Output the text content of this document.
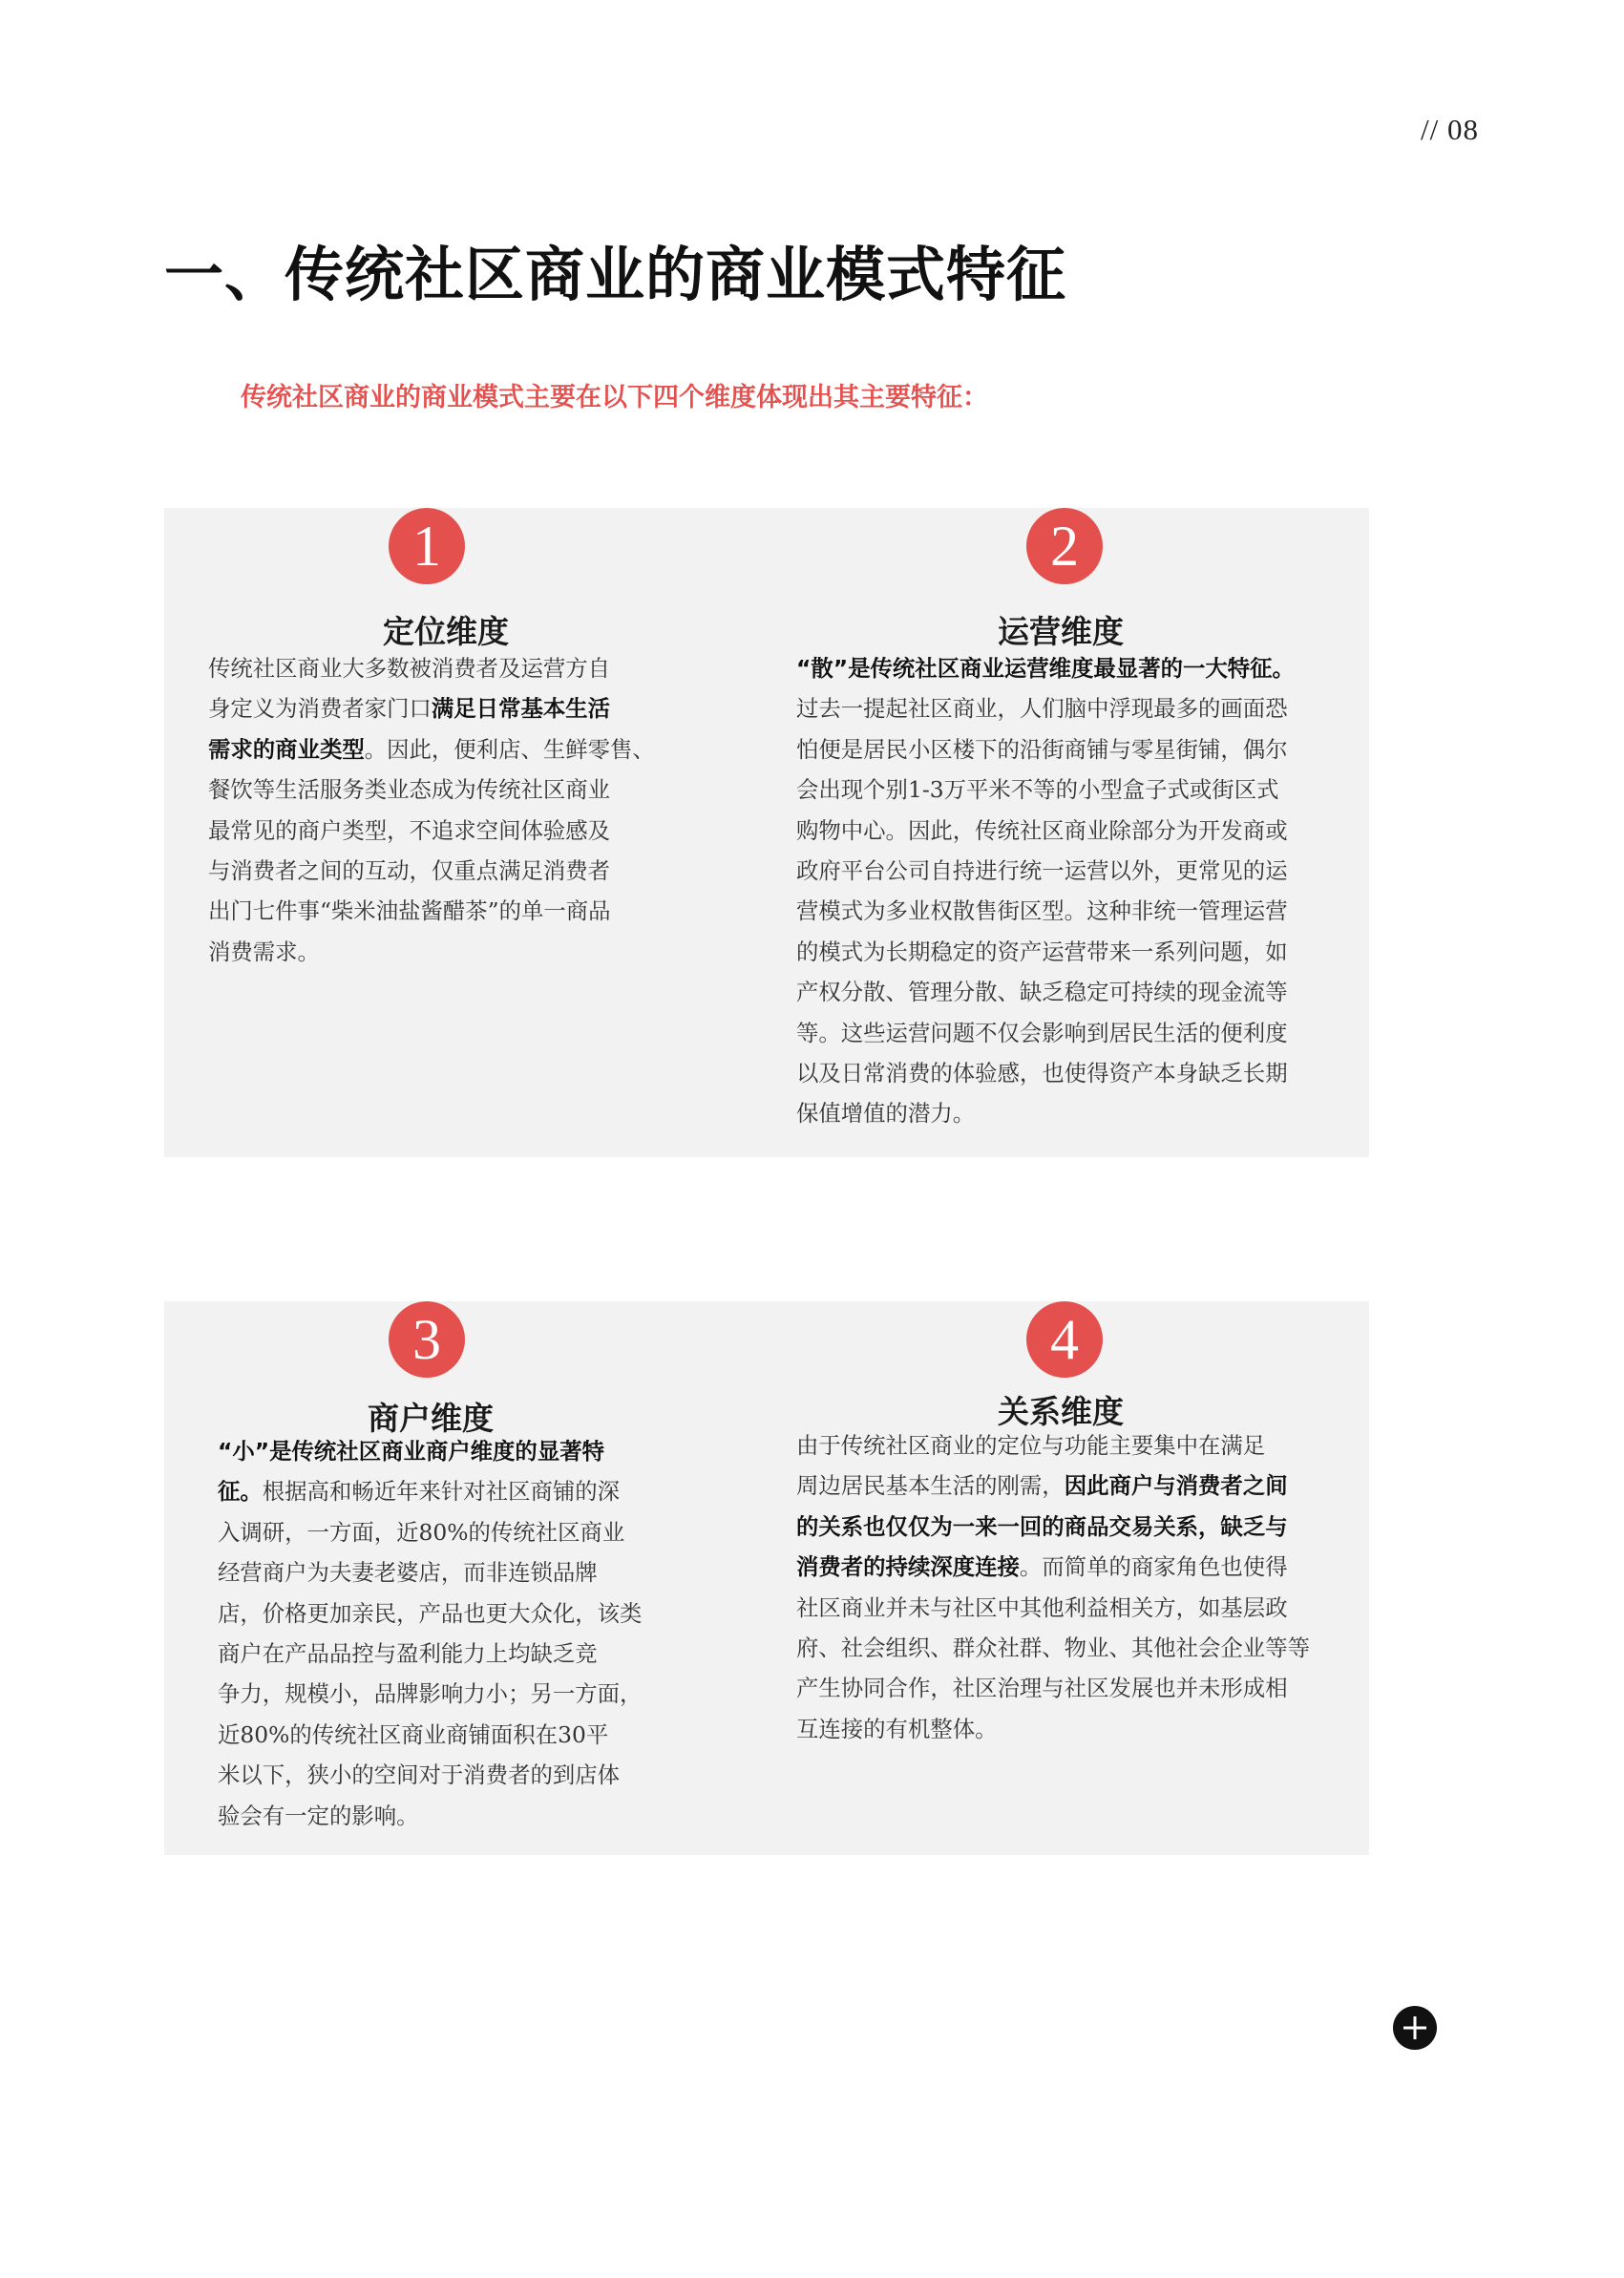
// 08
一、传统社区商业的商业模式特征

传统社区商业的商业模式主要在以下四个维度体现出其主要特征：

1
定位维度
传统社区商业大多数被消费者及运营方自
身定义为消费者家门口满足日常基本生活
需求的商业类型。因此，便利店、生鲜零售、
餐饮等生活服务类业态成为传统社区商业
最常见的商户类型，不追求空间体验感及
与消费者之间的互动，仅重点满足消费者
出门七件事“柴米油盐酱醋茶”的单一商品
消费需求。
2
运营维度
“散”是传统社区商业运营维度最显著的一大特征。
过去一提起社区商业，人们脑中浮现最多的画面恐
怕便是居民小区楼下的沿街商铺与零星街铺，偶尔
会出现个别1-3万平米不等的小型盒子式或街区式
购物中心。因此，传统社区商业除部分为开发商或
政府平台公司自持进行统一运营以外，更常见的运
营模式为多业权散售街区型。这种非统一管理运营
的模式为长期稳定的资产运营带来一系列问题，如
产权分散、管理分散、缺乏稳定可持续的现金流等
等。这些运营问题不仅会影响到居民生活的便利度
以及日常消费的体验感，也使得资产本身缺乏长期
保值增值的潜力。
3
商户维度
“小”是传统社区商业商户维度的显著特
征。根据高和畅近年来针对社区商铺的深
入调研，一方面，近80%的传统社区商业
经营商户为夫妻老婆店，而非连锁品牌
店，价格更加亲民，产品也更大众化，该类
商户在产品品控与盈利能力上均缺乏竞
争力，规模小，品牌影响力小；另一方面，
近80%的传统社区商业商铺面积在30平
米以下，狭小的空间对于消费者的到店体
验会有一定的影响。
4
关系维度
由于传统社区商业的定位与功能主要集中在满足
周边居民基本生活的刚需，因此商户与消费者之间
的关系也仅仅为一来一回的商品交易关系，缺乏与
消费者的持续深度连接。而简单的商家角色也使得
社区商业并未与社区中其他利益相关方，如基层政
府、社会组织、群众社群、物业、其他社会企业等等
产生协同合作，社区治理与社区发展也并未形成相
互连接的有机整体。
